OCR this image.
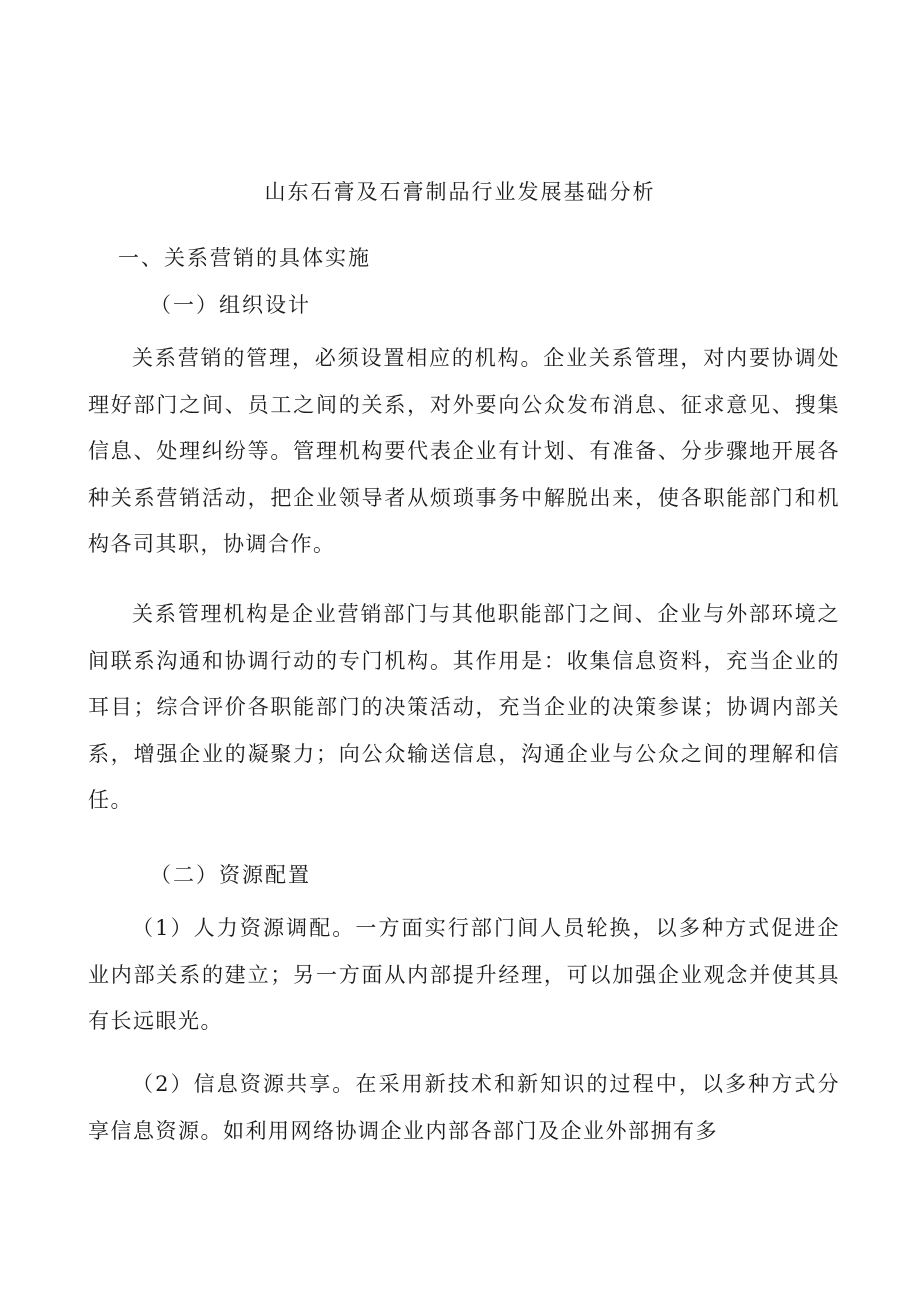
山东石膏及石膏制品行业发展基础分析
一、关系营销的具体实施
（一）组织设计

关系营销的管理，必须设置相应的机构。企业关系管理，对内要协调处理好部门之间、员工之间的关系，对外要向公众发布消息、征求意见、搜集信息、处理纠纷等。管理机构要代表企业有计划、有准备、分步骤地开展各种关系营销活动，把企业领导者从烦琐事务中解脱出来，使各职能部门和机构各司其职，协调合作。

关系管理机构是企业营销部门与其他职能部门之间、企业与外部环境之间联系沟通和协调行动的专门机构。其作用是：收集信息资料，充当企业的耳目；综合评价各职能部门的决策活动，充当企业的决策参谋；协调内部关系，增强企业的凝聚力；向公众输送信息，沟通企业与公众之间的理解和信任。

（二）资源配置

（1）人力资源调配。一方面实行部门间人员轮换，以多种方式促进企业内部关系的建立；另一方面从内部提升经理，可以加强企业观念并使其具有长远眼光。

（2）信息资源共享。在采用新技术和新知识的过程中，以多种方式分享信息资源。如利用网络协调企业内部各部门及企业外部拥有多
